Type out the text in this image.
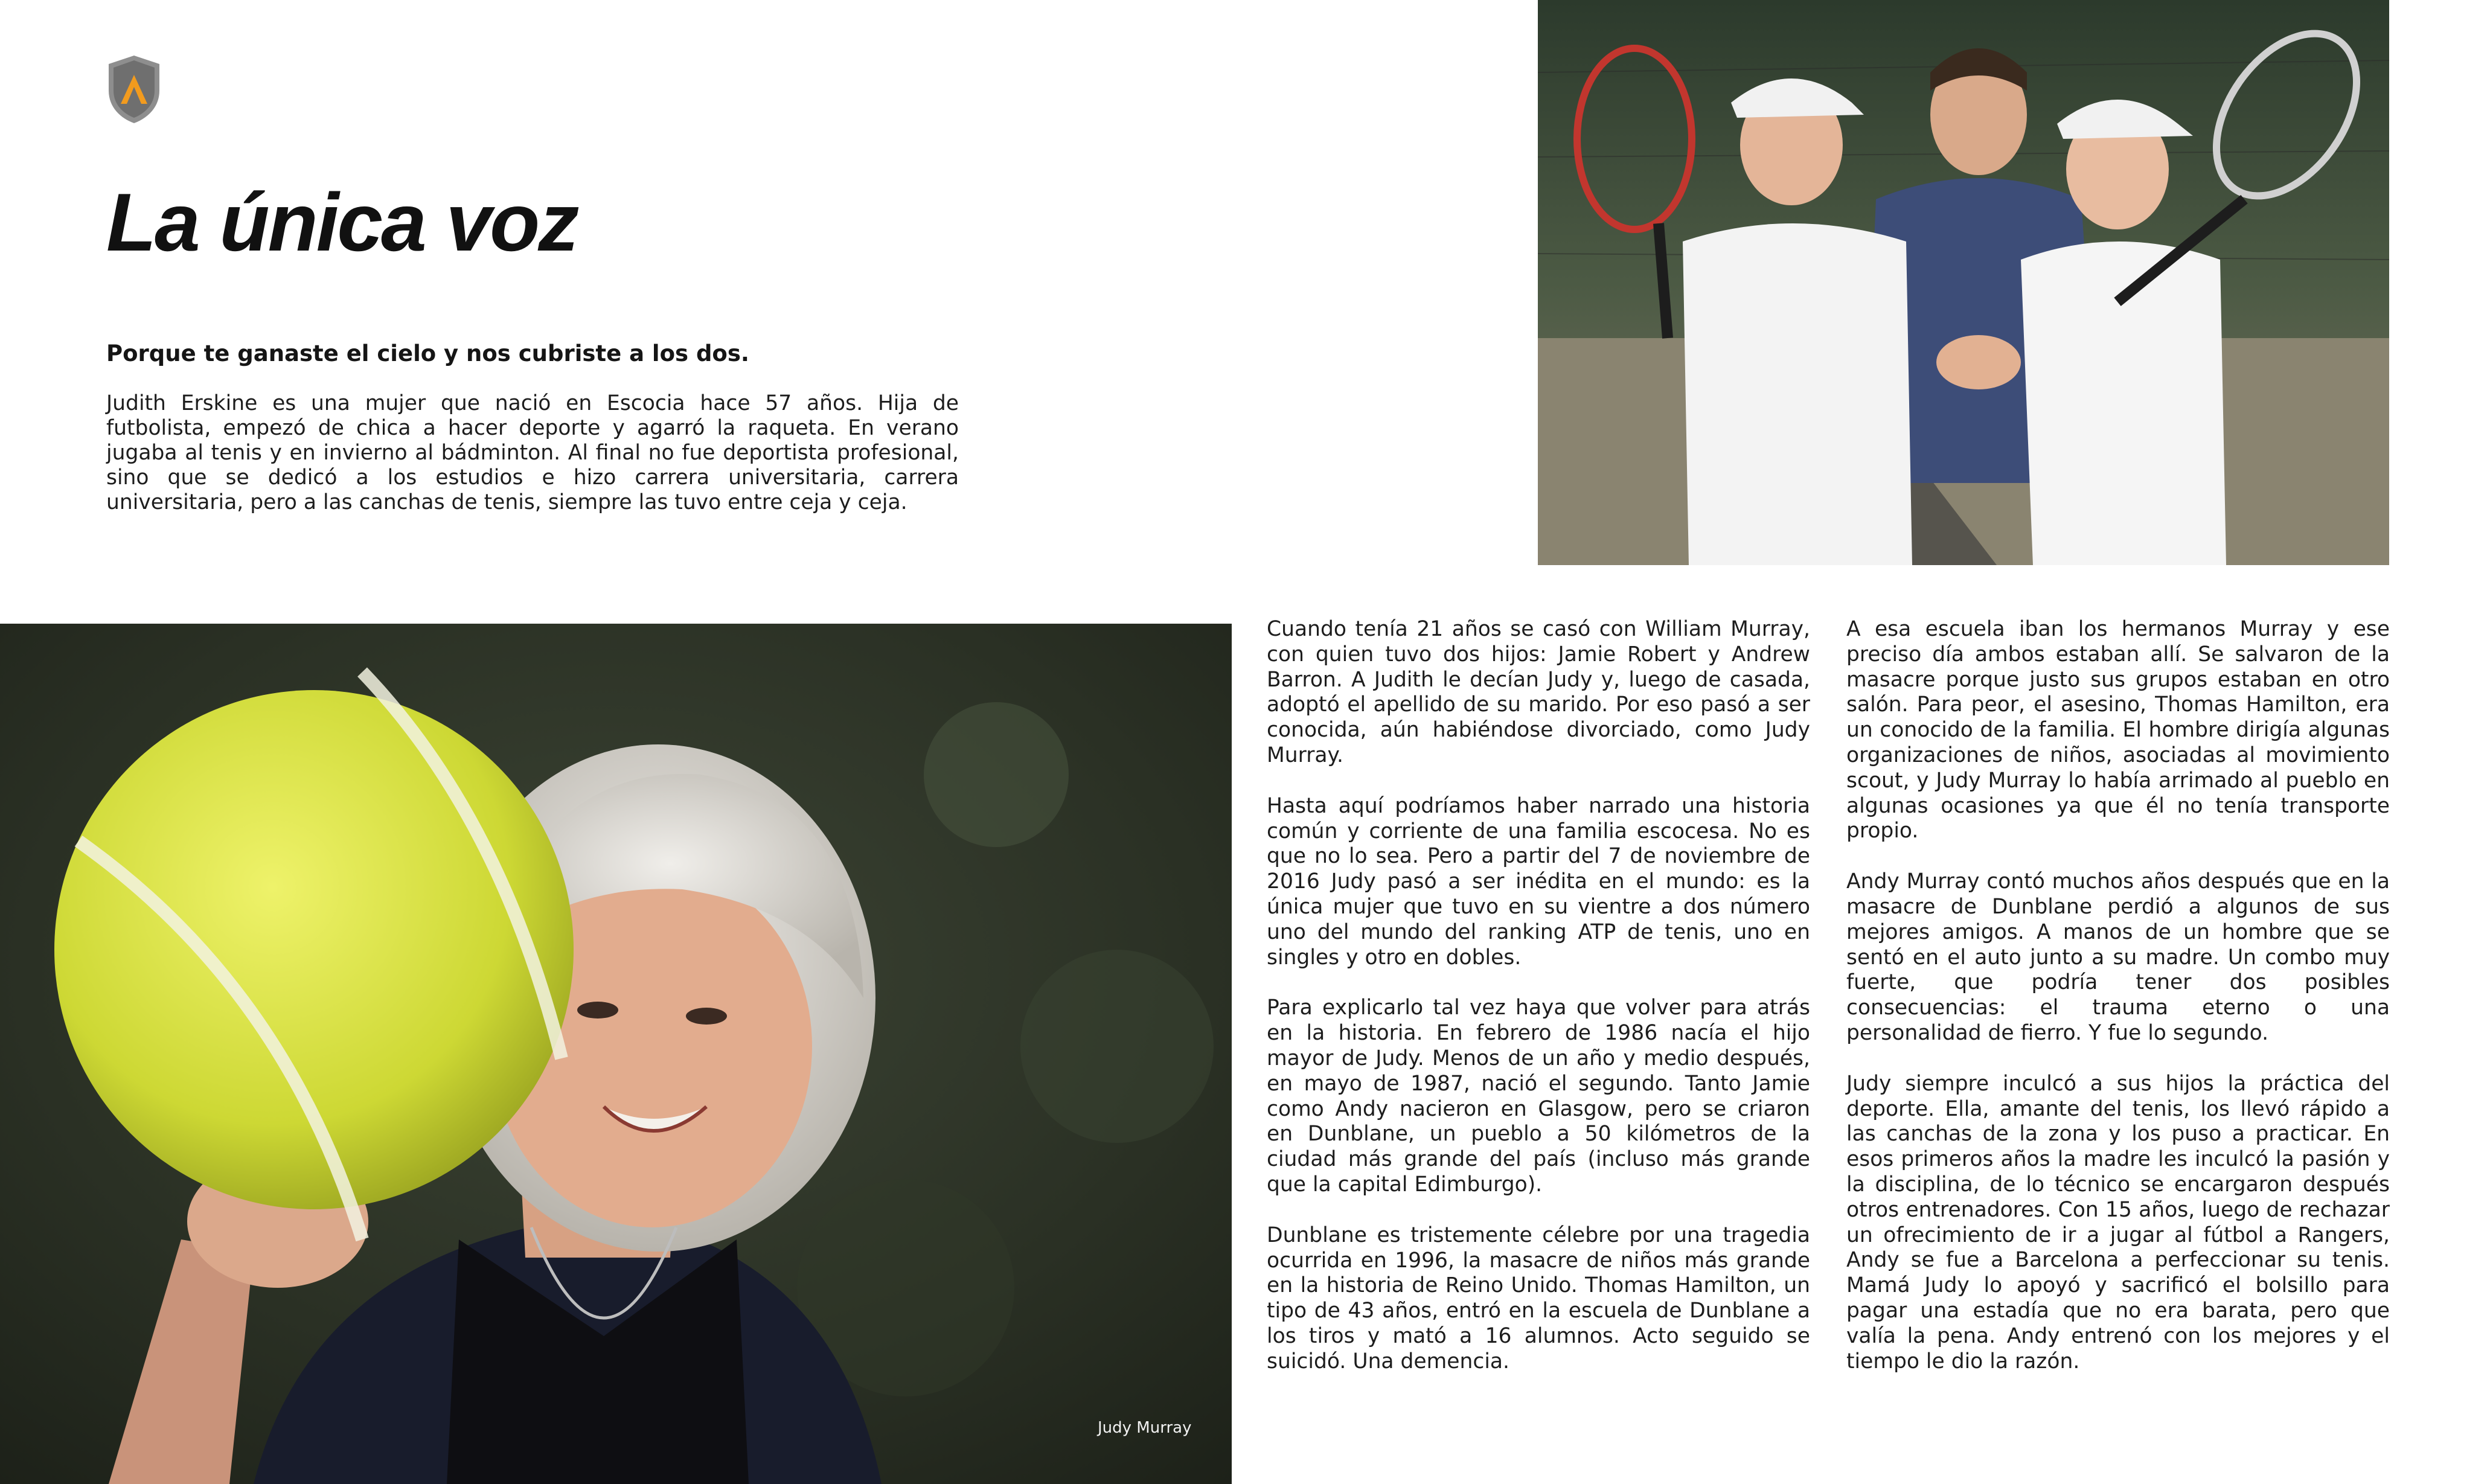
La única voz

Porque te ganaste el cielo y nos cubriste a los dos.

Judith Erskine es una mujer que nació en Escocia hace 57 años. Hija de futbolista, empezó de chica a hacer deporte y agarró la raqueta. En verano jugaba al tenis y en invierno al bádminton. Al final no fue deportista profesional, sino que se dedicó a los estudios e hizo carrera universitaria, carrera universitaria, pero a las canchas de tenis, siempre las tuvo entre ceja y ceja.

Judy Murray

Cuando tenía 21 años se casó con William Murray, con quien tuvo dos hijos: Jamie Robert y Andrew Barron. A Judith le decían Judy y, luego de casada, adoptó el apellido de su marido. Por eso pasó a ser conocida, aún habiéndose divorciado, como Judy Murray.

Hasta aquí podríamos haber narrado una historia común y corriente de una familia escocesa. No es que no lo sea. Pero a partir del 7 de noviembre de 2016 Judy pasó a ser inédita en el mundo: es la única mujer que tuvo en su vientre a dos número uno del mundo del ranking ATP de tenis, uno en singles y otro en dobles.

Para explicarlo tal vez haya que volver para atrás en la historia. En febrero de 1986 nacía el hijo mayor de Judy. Menos de un año y medio después, en mayo de 1987, nació el segundo. Tanto Jamie como Andy nacieron en Glasgow, pero se criaron en Dunblane, un pueblo a 50 kilómetros de la ciudad más grande del país (incluso más grande que la capital Edimburgo).

Dunblane es tristemente célebre por una tragedia ocurrida en 1996, la masacre de niños más grande en la historia de Reino Unido. Thomas Hamilton, un tipo de 43 años, entró en la escuela de Dunblane a los tiros y mató a 16 alumnos. Acto seguido se suicidó. Una demencia.

A esa escuela iban los hermanos Murray y ese preciso día ambos estaban allí. Se salvaron de la masacre porque justo sus grupos estaban en otro salón. Para peor, el asesino, Thomas Hamilton, era un conocido de la familia. El hombre dirigía algunas organizaciones de niños, asociadas al movimiento scout, y Judy Murray lo había arrimado al pueblo en algunas ocasiones ya que él no tenía transporte propio.

Andy Murray contó muchos años después que en la masacre de Dunblane perdió a algunos de sus mejores amigos. A manos de un hombre que se sentó en el auto junto a su madre. Un combo muy fuerte, que podría tener dos posibles consecuencias: el trauma eterno o una personalidad de fierro. Y fue lo segundo.

Judy siempre inculcó a sus hijos la práctica del deporte. Ella, amante del tenis, los llevó rápido a las canchas de la zona y los puso a practicar. En esos primeros años la madre les inculcó la pasión y la disciplina, de lo técnico se encargaron después otros entrenadores. Con 15 años, luego de rechazar un ofrecimiento de ir a jugar al fútbol a Rangers, Andy se fue a Barcelona a perfeccionar su tenis. Mamá Judy lo apoyó y sacrificó el bolsillo para pagar una estadía que no era barata, pero que valía la pena. Andy entrenó con los mejores y el tiempo le dio la razón.
